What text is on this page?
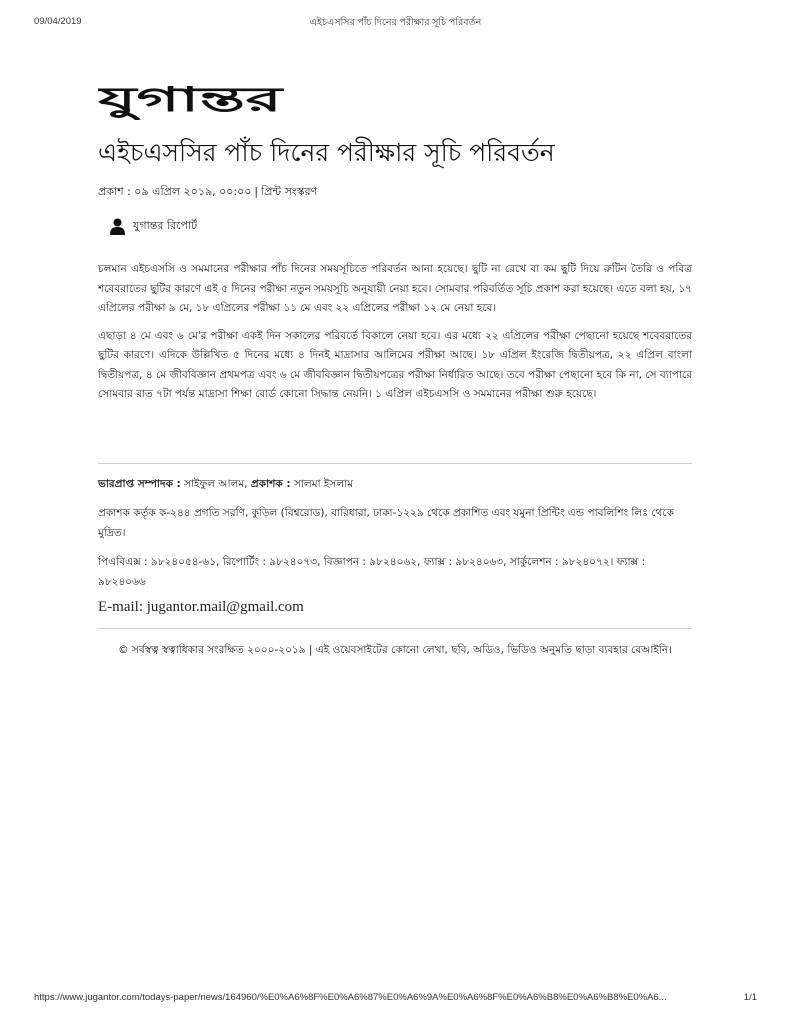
09/04/2019	এইচএসসির পাঁচ দিনের পরীক্ষার সূচি পরিবর্তন
যুগান্তর
এইচএসসির পাঁচ দিনের পরীক্ষার সূচি পরিবর্তন
প্রকাশ : ০৯ এপ্রিল ২০১৯, ০০:০০ | প্রিন্ট সংস্করণ
যুগান্তর রিপোর্ট

চলমান এইচএসসি ও সমমানের পরীক্ষার পাঁচ দিনের সময়সূচিতে পরিবর্তন আনা হয়েছে। ছুটি না রেখে বা কম ছুটি দিয়ে রুটিন তৈরি ও পবিত্র শবেবরাতের ছুটির কারণে এই ৫ দিনের পরীক্ষা নতুন সময়সূচি অনুযায়ী নেয়া হবে। সোমবার পরিবর্তিত সূচি প্রকাশ করা হয়েছে। এতে বলা হয়, ১৭ এপ্রিলের পরীক্ষা ৯ মে, ১৮ এপ্রিলের পরীক্ষা ১১ মে এবং ২২ এপ্রিলের পরীক্ষা ১২ মে নেয়া হবে।

এছাড়া ৪ মে এবং ৬ মে'র পরীক্ষা একই দিন সকালের পরিবর্তে বিকালে নেয়া হবে। এর মধ্যে ২২ এপ্রিলের পরীক্ষা পেছানো হয়েছে শবেবরাতের ছুটির কারণে। এদিকে উল্লিখিত ৫ দিনের মধ্যে ৪ দিনই মাদ্রাসার আলিমের পরীক্ষা আছে। ১৮ এপ্রিল ইংরেজি দ্বিতীয়পত্র, ২২ এপ্রিল বাংলা দ্বিতীয়পত্র, ৪ মে জীববিজ্ঞান প্রথমপত্র এবং ৬ মে জীববিজ্ঞান দ্বিতীয়পত্রের পরীক্ষা নির্ধারিত আছে। তবে পরীক্ষা পেছানো হবে কি না, সে ব্যাপারে সোমবার রাত ৭টা পর্যন্ত মাদ্রাসা শিক্ষা বোর্ড কোনো সিদ্ধান্ত নেয়নি। ১ এপ্রিল এইচএসসি ও সমমানের পরীক্ষা শুরু হয়েছে।

ভারপ্রাপ্ত সম্পাদক : সাইফুল আলম, প্রকাশক : সালমা ইসলাম
প্রকাশক কর্তৃক ক-২৪৪ প্রগতি সরণি, কুড়িল (বিশ্বরোড), বারিধারা, ঢাকা-১২২৯ থেকে প্রকাশিত এবং যমুনা প্রিন্টিং এন্ড পাবলিশিং লিঃ থেকে মুদ্রিত।
পিএবিএক্স : ৯৮২৪০৫৪-৬১, রিপোর্টিং : ৯৮২৪০৭৩, বিজ্ঞাপন : ৯৮২৪০৬২, ফ্যাক্স : ৯৮২৪০৬৩, সার্কুলেশন : ৯৮২৪০৭২। ফ্যাক্স : ৯৮২৪০৬৬
E-mail: jugantor.mail@gmail.com
© সর্বস্বত্ব স্বত্বাধিকার সংরক্ষিত ২০০০-২০১৯ | এই ওয়েবসাইটের কোনো লেখা, ছবি, অডিও, ভিডিও অনুমতি ছাড়া ব্যবহার বেআইনি।
https://www.jugantor.com/todays-paper/news/164960/%E0%A6%8F%E0%A6%87%E0%A6%9A%E0%A6%8F%E0%A6%B8%E0%A6%B8%E0%A6...	1/1
